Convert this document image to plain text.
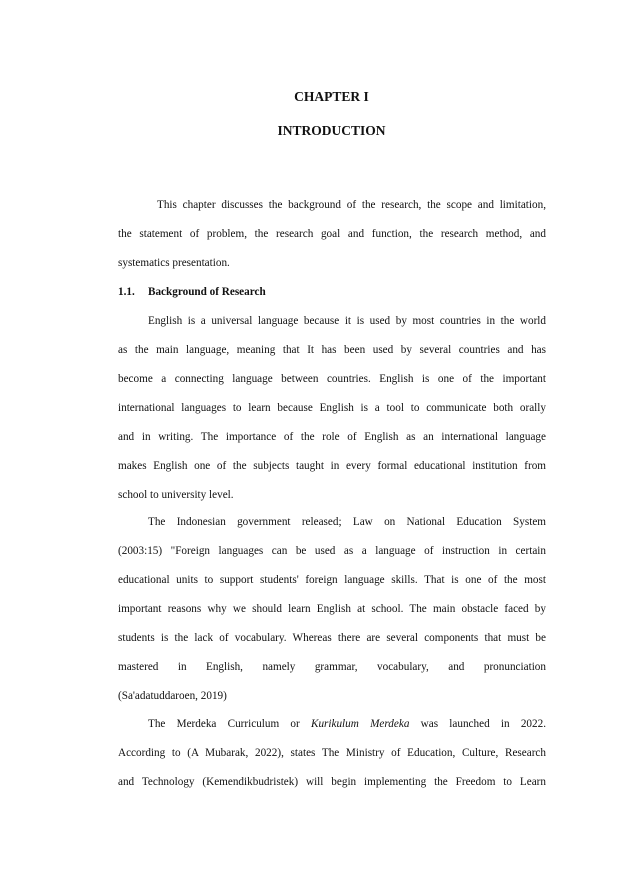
CHAPTER I
INTRODUCTION
This chapter discusses the background of the research, the scope and limitation,
the statement of problem, the research goal and function, the research method, and
systematics presentation.
1.1. Background of Research
English is a universal language because it is used by most countries in the world
as the main language, meaning that It has been used by several countries and has
become a connecting language between countries. English is one of the important
international languages to learn because English is a tool to communicate both orally
and in writing. The importance of the role of English as an international language
makes English one of the subjects taught in every formal educational institution from
school to university level.
The Indonesian government released; Law on National Education System
(2003:15) "Foreign languages can be used as a language of instruction in certain
educational units to support students' foreign language skills. That is one of the most
important reasons why we should learn English at school. The main obstacle faced by
students is the lack of vocabulary. Whereas there are several components that must be
mastered in English, namely grammar, vocabulary, and pronunciation
(Sa'adatuddaroen, 2019)
The Merdeka Curriculum or Kurikulum Merdeka was launched in 2022.
According to (A Mubarak, 2022), states The Ministry of Education, Culture, Research
and Technology (Kemendikbudristek) will begin implementing the Freedom to Learn
